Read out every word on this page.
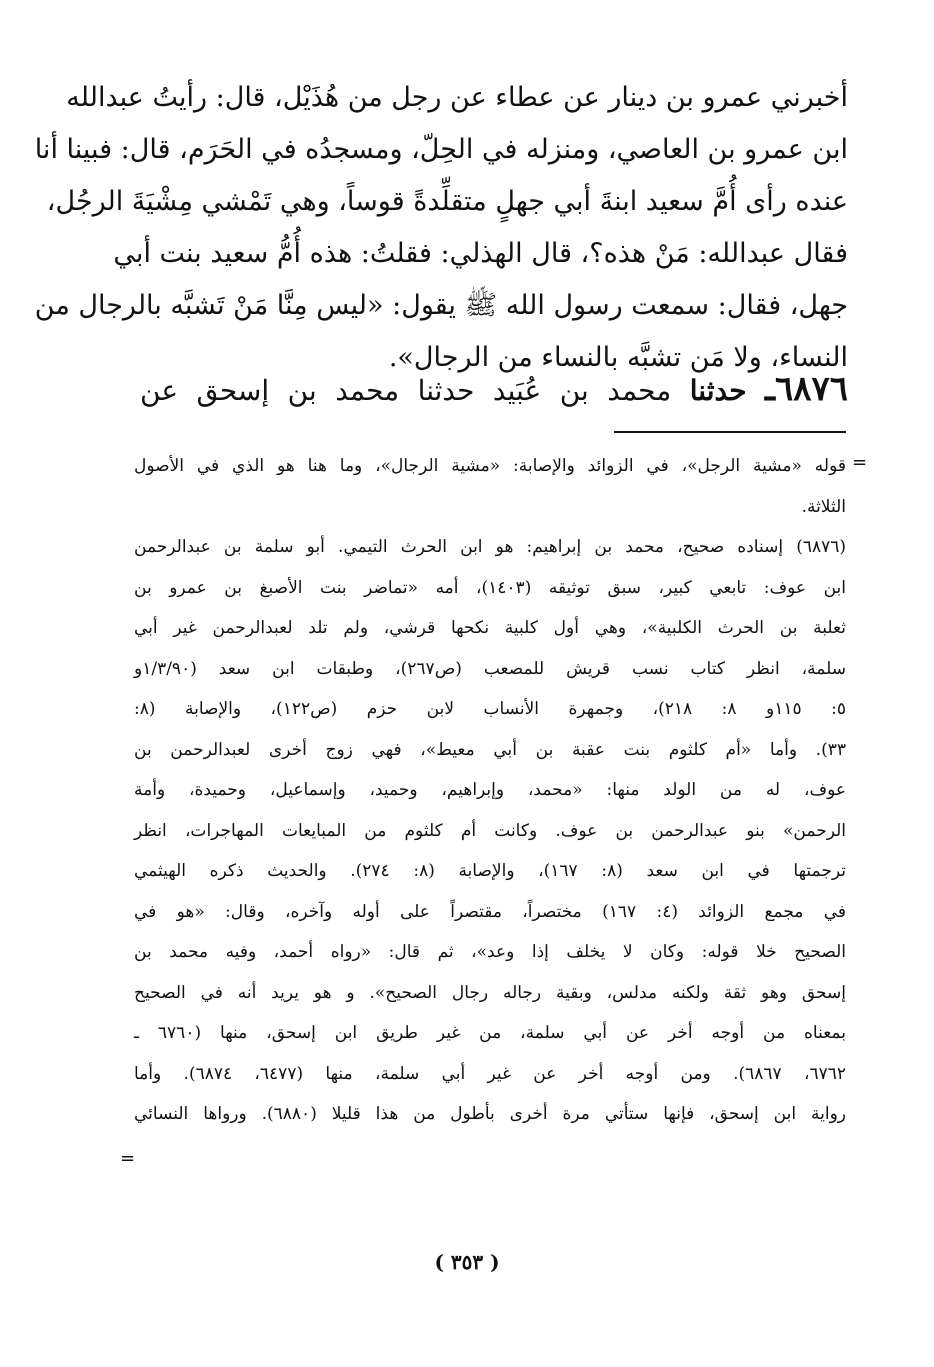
أخبرني عمرو بن دينار عن عطاء عن رجل من هُذَيْل، قال: رأيتُ عبدالله
ابن عمرو بن العاصي، ومنزله في الحِلّ، ومسجدُه في الحَرَم، قال: فبينا أنا
عنده رأى أُمَّ سعيد ابنةَ أبي جهلٍ متقلِّدةً قوساً، وهي تَمْشي مِشْيَةَ الرجُل،
فقال عبدالله: مَنْ هذه؟، قال الهذلي: فقلتُ: هذه أُمُّ سعيد بنت أبي
جهل، فقال: سمعت رسول الله ﷺ يقول: «ليس مِنَّا مَنْ تَشبَّه بالرجال من
النساء، ولا مَن تشبَّه بالنساء من الرجال».
٦٨٧٦ـ حدثنا محمد بن عُبَيد حدثنا محمد بن إسحق عن
=
قوله «مشية الرجل»، في الزوائد والإصابة: «مشية الرجال»، وما هنا هو الذي في الأصول
الثلاثة.
(٦٨٧٦) إسناده صحيح، محمد بن إبراهيم: هو ابن الحرث التيمي. أبو سلمة بن عبدالرحمن
ابن عوف: تابعي كبير، سبق توثيقه (١٤٠٣)، أمه «تماضر بنت الأصبغ بن عمرو بن
ثعلبة بن الحرث الكلبية»، وهي أول كلبية نكحها قرشي، ولم تلد لعبدالرحمن غير أبي
سلمة، انظر كتاب نسب قريش للمصعب (ص٢٦٧)، وطبقات ابن سعد (١/٣/٩٠و
٥: ١١٥و ٨: ٢١٨)، وجمهرة الأنساب لابن حزم (ص١٢٢)، والإصابة (٨:
٣٣). وأما «أم كلثوم بنت عقبة بن أبي معيط»، فهي زوج أخرى لعبدالرحمن بن
عوف، له من الولد منها: «محمد، وإبراهيم، وحميد، وإسماعيل، وحميدة، وأمة
الرحمن» بنو عبدالرحمن بن عوف. وكانت أم كلثوم من المبايعات المهاجرات، انظر
ترجمتها في ابن سعد (٨: ١٦٧)، والإصابة (٨: ٢٧٤). والحديث ذكره الهيثمي
في مجمع الزوائد (٤: ١٦٧) مختصراً، مقتصراً على أوله وآخره، وقال: «هو في
الصحيح خلا قوله: وكان لا يخلف إذا وعد»، ثم قال: «رواه أحمد، وفيه محمد بن
إسحق وهو ثقة ولكنه مدلس، وبقية رجاله رجال الصحيح». و هو يريد أنه في الصحيح
بمعناه من أوجه أخر عن أبي سلمة، من غير طريق ابن إسحق، منها (٦٧٦٠ ـ
٦٧٦٢، ٦٨٦٧). ومن أوجه أخر عن غير أبي سلمة، منها (٦٤٧٧، ٦٨٧٤). وأما
رواية ابن إسحق، فإنها ستأتي مرة أخرى بأطول من هذا قليلا (٦٨٨٠). ورواها النسائي
=
( ٣٥٣ )
